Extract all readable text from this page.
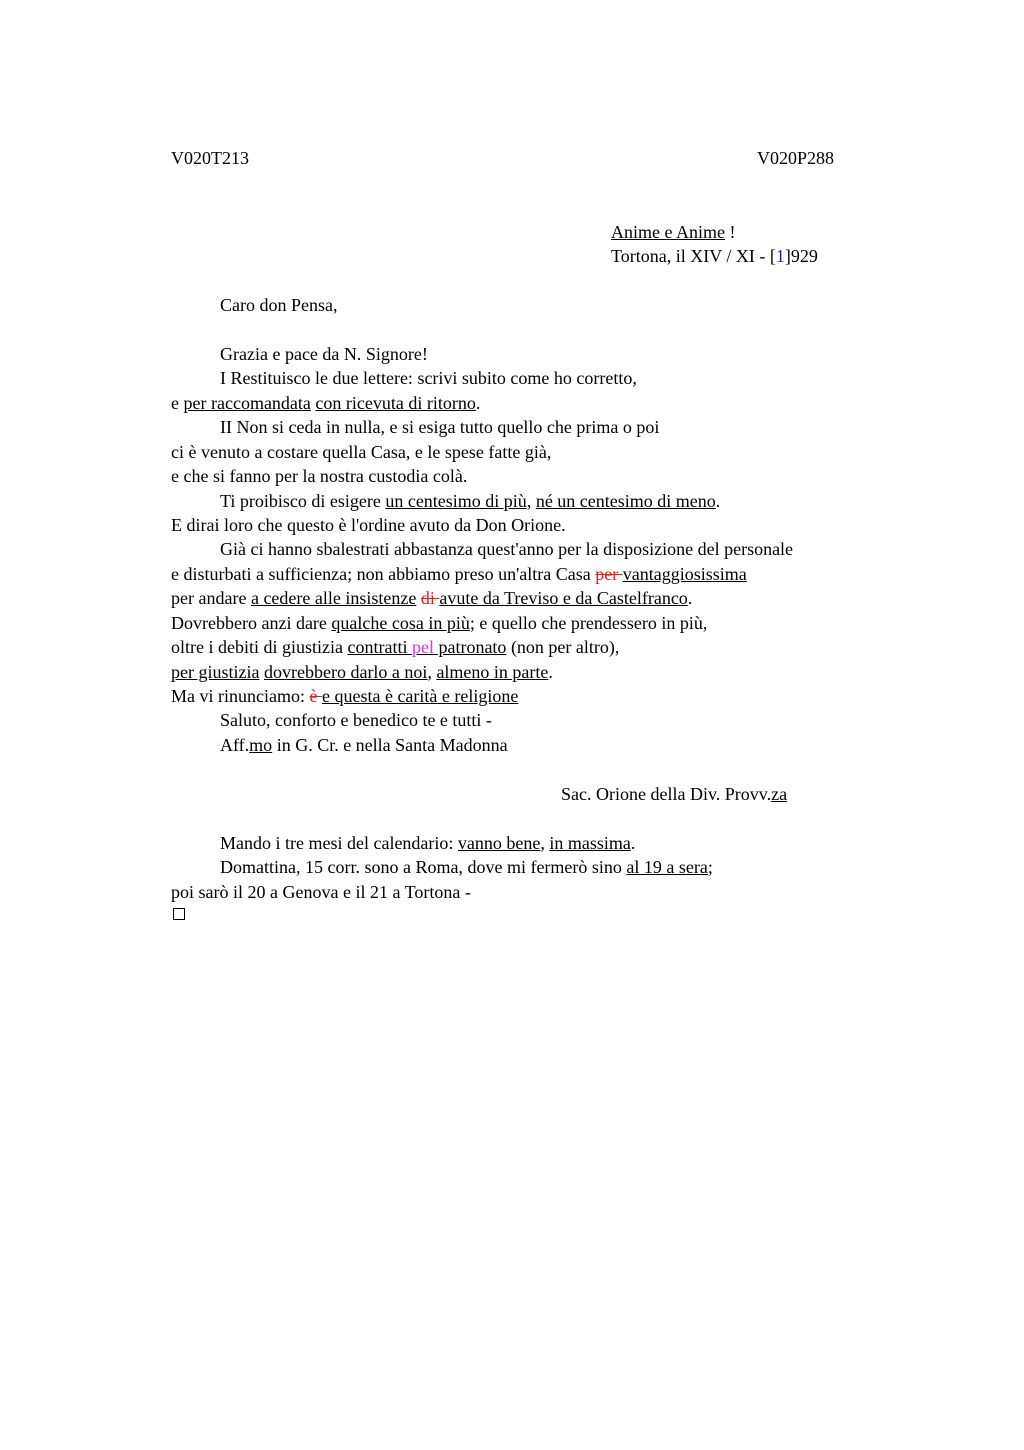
V020T213	V020P288
Anime e Anime !
Tortona, il XIV / XI - [1]929
Caro don Pensa,
Grazia e pace da N. Signore!
I Restituisco le due lettere: scrivi subito come ho corretto,
e per raccomandata con ricevuta di ritorno.
II Non si ceda in nulla, e si esiga tutto quello che prima o poi
ci è venuto a costare quella Casa, e le spese fatte già,
e che si fanno per la nostra custodia colà.
Ti proibisco di esigere un centesimo di più, né un centesimo di meno.
E dirai loro che questo è l'ordine avuto da Don Orione.
Già ci hanno sbalestrati abbastanza quest'anno per la disposizione del personale
e disturbati a sufficienza; non abbiamo preso un'altra Casa per vantaggiosissima
per andare a cedere alle insistenze di avute da Treviso e da Castelfranco.
Dovrebbero anzi dare qualche cosa in più; e quello che prendessero in più,
oltre i debiti di giustizia contratti pel patronato (non per altro),
per giustizia dovrebbero darlo a noi, almeno in parte.
Ma vi rinunciamo: è e questa è carità e religione
Saluto, conforto e benedico te e tutti -
Aff.mo in G. Cr. e nella Santa Madonna
Sac. Orione della Div. Provv.za
Mando i tre mesi del calendario: vanno bene, in massima.
Domattina, 15 corr. sono a Roma, dove mi fermerò sino al 19 a sera;
poi sarò il 20 a Genova e il 21 a Tortona -
